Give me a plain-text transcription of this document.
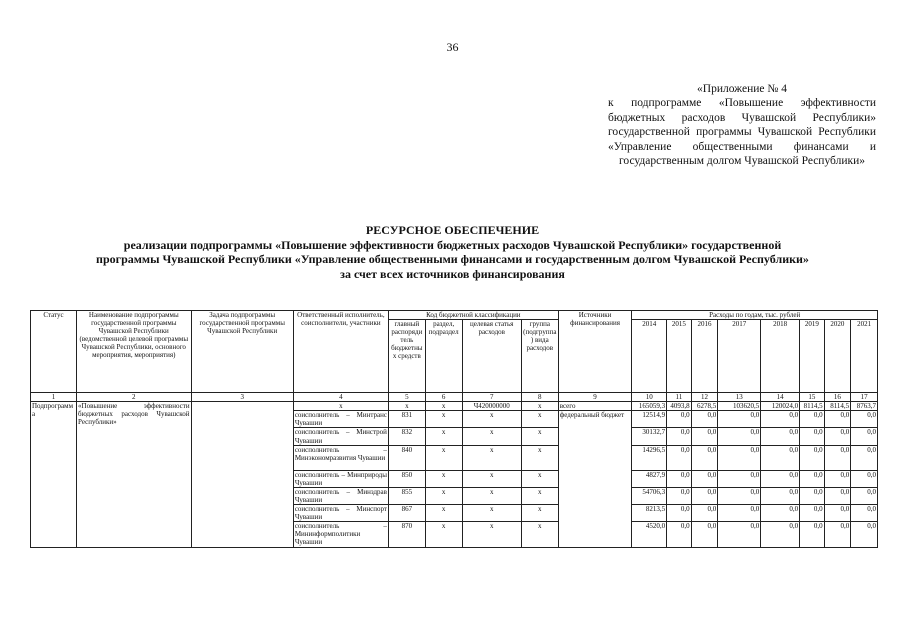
36

«Приложение № 4

к подпрограмме «Повышение эффективности бюджетных расходов Чувашской Республики» государственной программы Чувашской Республики «Управление общественными финансами и государственным долгом Чувашской Республики»

РЕСУРСНОЕ ОБЕСПЕЧЕНИЕ
реализации подпрограммы «Повышение эффективности бюджетных расходов Чувашской Республики» государственной
программы Чувашской Республики «Управление общественными финансами и государственным долгом Чувашской Республики»
за счет всех источников финансирования
Статус	Наименование подпрограммы государственной программы Чувашской Республики (ведомственной целевой программы Чувашской Республики, основного мероприятия, мероприятия)	Задача подпрограммы государственной программы Чувашской Республики	Ответственный исполнитель, соисполнители, участники	Код бюджетной классификации				Источники финансирования	Расходы по годам, тыс. рублей							
				главный распорядитель бюджетных средств	раздел, подраздел	целевая статья расходов	группа (подгруппа) вида расходов		2014	2015	2016	2017	2018	2019	2020	2021
1	2	3	4	5	6	7	8	9	10	11	12	13	14	15	16	17
Подпрограмма	«Повышение эффективности бюджетных расходов Чувашской Республики»		x	x	x	Ч420000000	x	всего	165059,3	4093,8	6278,5	103620,5	120024,0	8114,5	8114,5	8763,7
			соисполнитель – Минтранс Чувашии	831	x	x	x	федеральный бюджет	12514,9	0,0	0,0	0,0	0,0	0,0	0,0	0,0
			соисполнитель – Минстрой Чувашии	832	x	x	x		30132,7	0,0	0,0	0,0	0,0	0,0	0,0	0,0
			соисполнитель – Минэкономразвития Чувашии	840	x	x	x		14296,5	0,0	0,0	0,0	0,0	0,0	0,0	0,0
			соисполнитель – Минприроды Чувашии	850	x	x	x		4827,9	0,0	0,0	0,0	0,0	0,0	0,0	0,0
			соисполнитель – Минздрав Чувашии	855	x	x	x		54706,3	0,0	0,0	0,0	0,0	0,0	0,0	0,0
			соисполнитель – Минспорт Чувашии	867	x	x	x		8213,5	0,0	0,0	0,0	0,0	0,0	0,0	0,0
			соисполнитель – Мининформполитики Чувашии	870	x	x	x		4520,0	0,0	0,0	0,0	0,0	0,0	0,0	0,0
